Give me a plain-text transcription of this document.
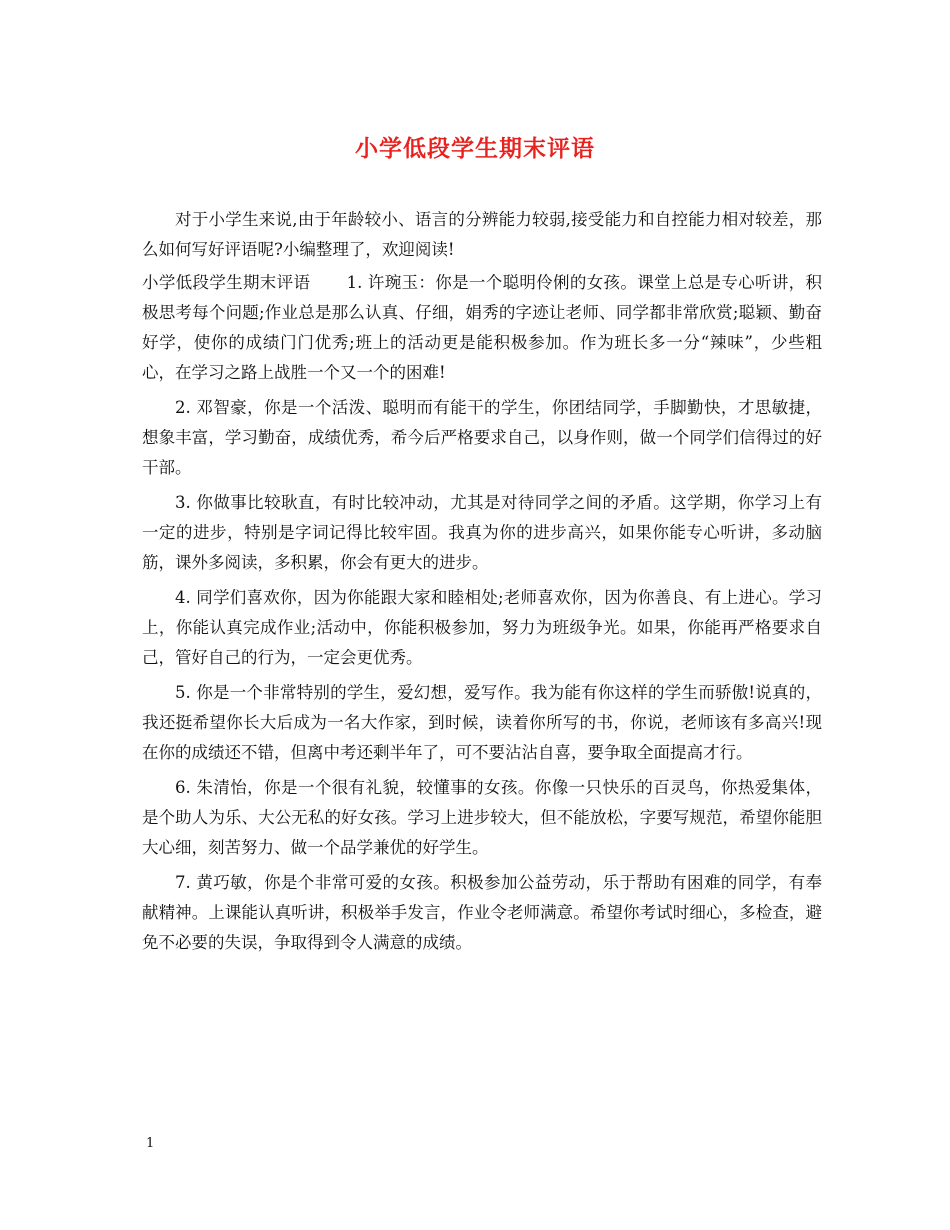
小学低段学生期末评语

对于小学生来说,由于年龄较小、语言的分辨能力较弱,接受能力和自控能力相对较差，那么如何写好评语呢?小编整理了，欢迎阅读!

小学低段学生期末评语 1. 许琬玉：你是一个聪明伶俐的女孩。课堂上总是专心听讲，积极思考每个问题;作业总是那么认真、仔细，娟秀的字迹让老师、同学都非常欣赏;聪颖、勤奋好学，使你的成绩门门优秀;班上的活动更是能积极参加。作为班长多一分“辣味”，少些粗心，在学习之路上战胜一个又一个的困难!

2. 邓智豪，你是一个活泼、聪明而有能干的学生，你团结同学，手脚勤快，才思敏捷，想象丰富，学习勤奋，成绩优秀，希今后严格要求自己，以身作则，做一个同学们信得过的好干部。

3. 你做事比较耿直，有时比较冲动，尤其是对待同学之间的矛盾。这学期，你学习上有一定的进步，特别是字词记得比较牢固。我真为你的进步高兴，如果你能专心听讲，多动脑筋，课外多阅读，多积累，你会有更大的进步。

4. 同学们喜欢你，因为你能跟大家和睦相处;老师喜欢你，因为你善良、有上进心。学习上，你能认真完成作业;活动中，你能积极参加，努力为班级争光。如果，你能再严格要求自己，管好自己的行为，一定会更优秀。

5. 你是一个非常特别的学生，爱幻想，爱写作。我为能有你这样的学生而骄傲!说真的，我还挺希望你长大后成为一名大作家，到时候，读着你所写的书，你说，老师该有多高兴!现在你的成绩还不错，但离中考还剩半年了，可不要沾沾自喜，要争取全面提高才行。

6. 朱清怡，你是一个很有礼貌，较懂事的女孩。你像一只快乐的百灵鸟，你热爱集体，是个助人为乐、大公无私的好女孩。学习上进步较大，但不能放松，字要写规范，希望你能胆大心细，刻苦努力、做一个品学兼优的好学生。

7. 黄巧敏，你是个非常可爱的女孩。积极参加公益劳动，乐于帮助有困难的同学，有奉献精神。上课能认真听讲，积极举手发言，作业令老师满意。希望你考试时细心，多检查，避免不必要的失误，争取得到令人满意的成绩。

1
